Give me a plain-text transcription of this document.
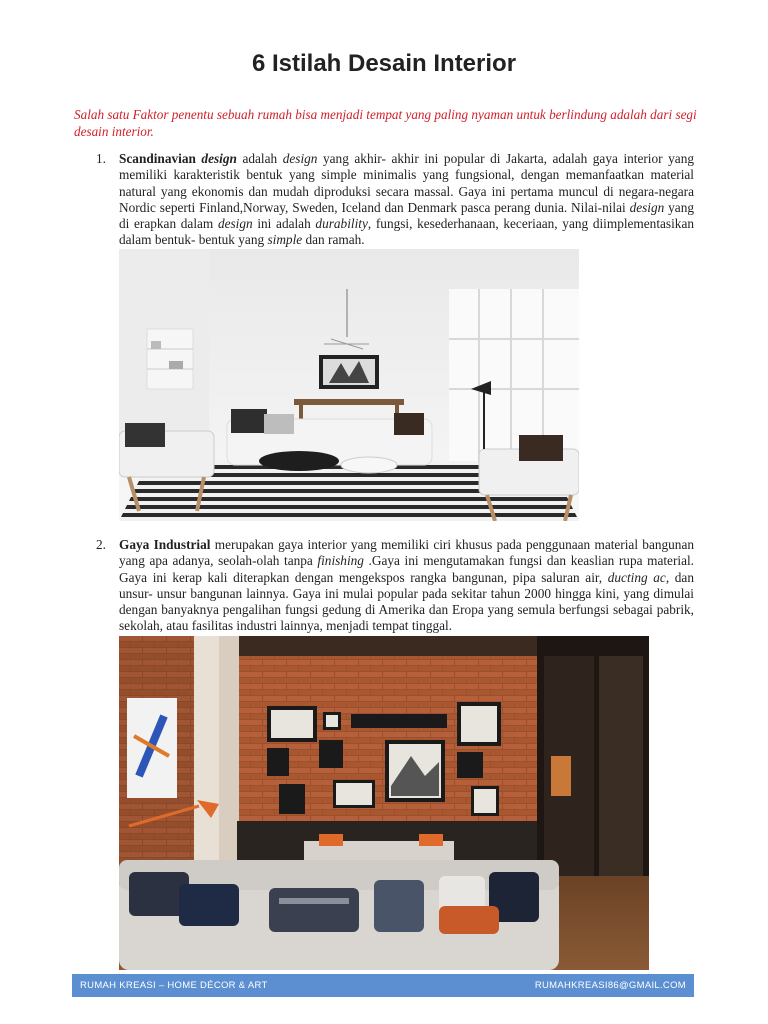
6 Istilah Desain Interior
Salah satu Faktor penentu sebuah rumah bisa menjadi tempat yang paling nyaman untuk berlindung adalah dari segi desain interior.
1. Scandinavian design adalah design yang akhir- akhir ini popular di Jakarta, adalah gaya interior yang memiliki karakteristik bentuk yang simple minimalis yang fungsional, dengan memanfaatkan material natural yang ekonomis dan mudah diproduksi secara massal. Gaya ini pertama muncul di negara-negara Nordic seperti Finland,Norway, Sweden, Iceland dan Denmark pasca perang dunia. Nilai-nilai design yang di erapkan dalam design ini adalah durability, fungsi, kesederhanaan, keceriaan, yang diimplementasikan dalam bentuk- bentuk yang simple dan ramah.
2. Gaya Industrial merupakan gaya interior yang memiliki ciri khusus pada penggunaan material bangunan yang apa adanya, seolah-olah tanpa finishing .Gaya ini mengutamakan fungsi dan keaslian rupa material. Gaya ini kerap kali diterapkan dengan mengekspos rangka bangunan, pipa saluran air, ducting ac, dan unsur- unsur bangunan lainnya. Gaya ini mulai popular pada sekitar tahun 2000 hingga kini, yang dimulai dengan banyaknya pengalihan fungsi gedung di Amerika dan Eropa yang semula berfungsi sebagai pabrik, sekolah, atau fasilitas industri lainnya, menjadi tempat tinggal.
RUMAH KREASI – HOME DÉCOR & ART	RUMAHKREASI86@GMAIL.COM
